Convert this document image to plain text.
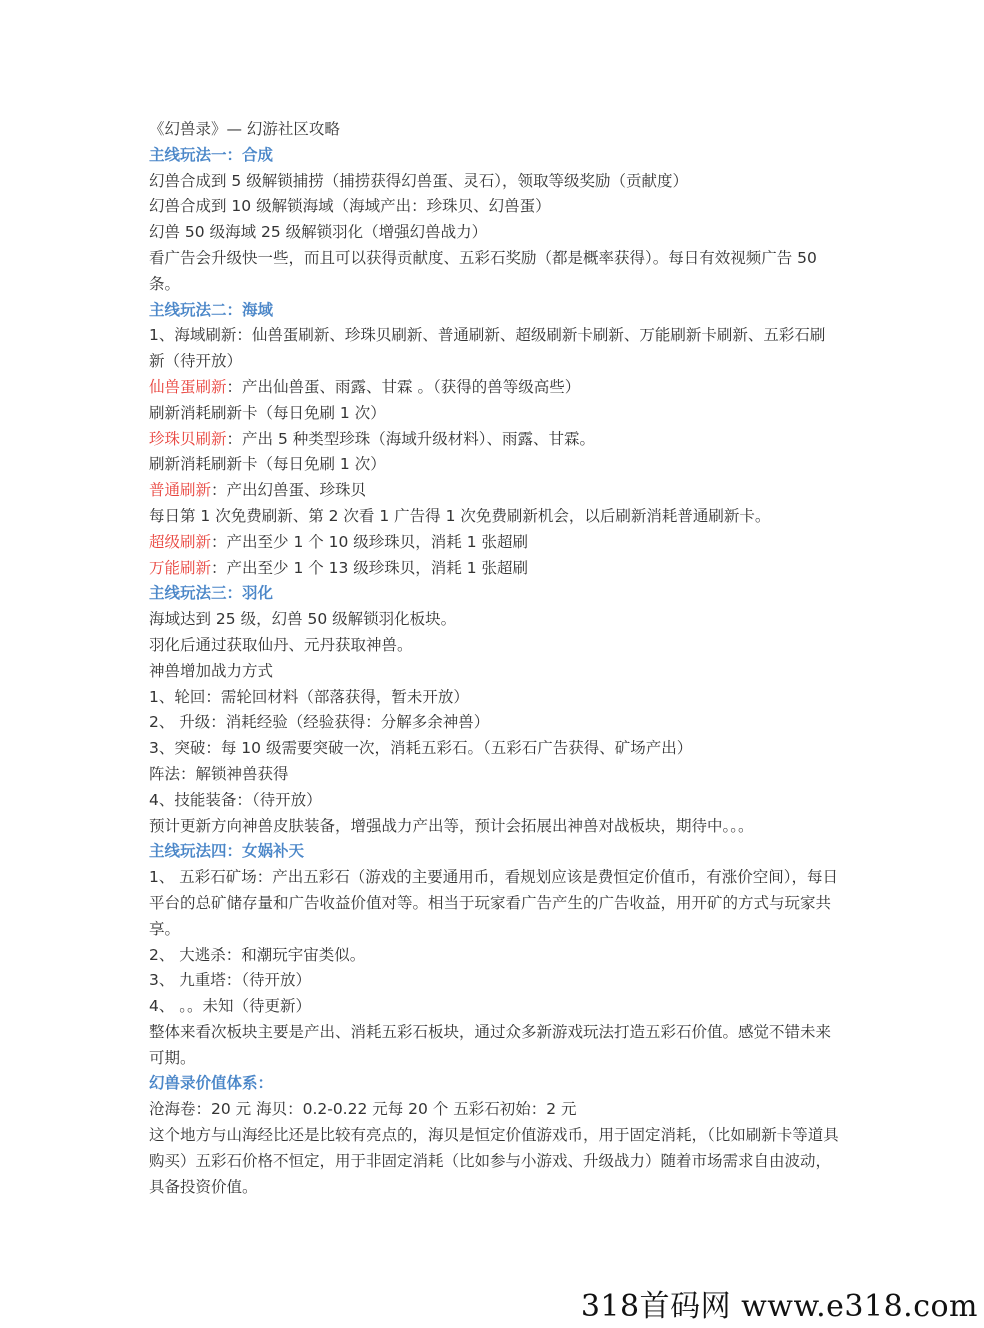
《幻兽录》— 幻游社区攻略

主线玩法一：合成

幻兽合成到 5 级解锁捕捞（捕捞获得幻兽蛋、灵石），领取等级奖励（贡献度）

幻兽合成到 10 级解锁海域（海域产出：珍珠贝、幻兽蛋）

幻兽 50 级海域 25 级解锁羽化（增强幻兽战力）

看广告会升级快一些，而且可以获得贡献度、五彩石奖励（都是概率获得）。每日有效视频广告 50 条。

主线玩法二：海域

1、海域刷新：仙兽蛋刷新、珍珠贝刷新、普通刷新、超级刷新卡刷新、万能刷新卡刷新、五彩石刷新（待开放）

仙兽蛋刷新：产出仙兽蛋、雨露、甘霖 。（获得的兽等级高些）

刷新消耗刷新卡（每日免刷 1 次）

珍珠贝刷新：产出 5 种类型珍珠（海域升级材料）、雨露、甘霖。

刷新消耗刷新卡（每日免刷 1 次）

普通刷新：产出幻兽蛋、珍珠贝

每日第 1 次免费刷新、第 2 次看 1 广告得 1 次免费刷新机会，以后刷新消耗普通刷新卡。

超级刷新：产出至少 1 个 10 级珍珠贝，消耗 1 张超刷

万能刷新：产出至少 1 个 13 级珍珠贝，消耗 1 张超刷

主线玩法三：羽化

海域达到 25 级，幻兽 50 级解锁羽化板块。

羽化后通过获取仙丹、元丹获取神兽。

神兽增加战力方式

1、轮回：需轮回材料（部落获得，暂未开放）

2、 升级：消耗经验（经验获得：分解多余神兽）

3、突破：每 10 级需要突破一次，消耗五彩石。（五彩石广告获得、矿场产出）

阵法：解锁神兽获得

4、技能装备：（待开放）

预计更新方向神兽皮肤装备，增强战力产出等，预计会拓展出神兽对战板块，期待中。。。

主线玩法四：女娲补天

1、 五彩石矿场：产出五彩石（游戏的主要通用币，看规划应该是费恒定价值币，有涨价空间），每日平台的总矿储存量和广告收益价值对等。相当于玩家看广告产生的广告收益，用开矿的方式与玩家共享。

2、 大逃杀：和潮玩宇宙类似。

3、 九重塔：（待开放）

4、 。。未知（待更新）

整体来看次板块主要是产出、消耗五彩石板块，通过众多新游戏玩法打造五彩石价值。感觉不错未来可期。

幻兽录价值体系：

沧海卷：20 元 海贝：0.2-0.22 元每 20 个 五彩石初始：2 元

这个地方与山海经比还是比较有亮点的，海贝是恒定价值游戏币，用于固定消耗，（比如刷新卡等道具购买）五彩石价格不恒定，用于非固定消耗（比如参与小游戏、升级战力）随着市场需求自由波动，具备投资价值。

318首码网 www.e318.com
